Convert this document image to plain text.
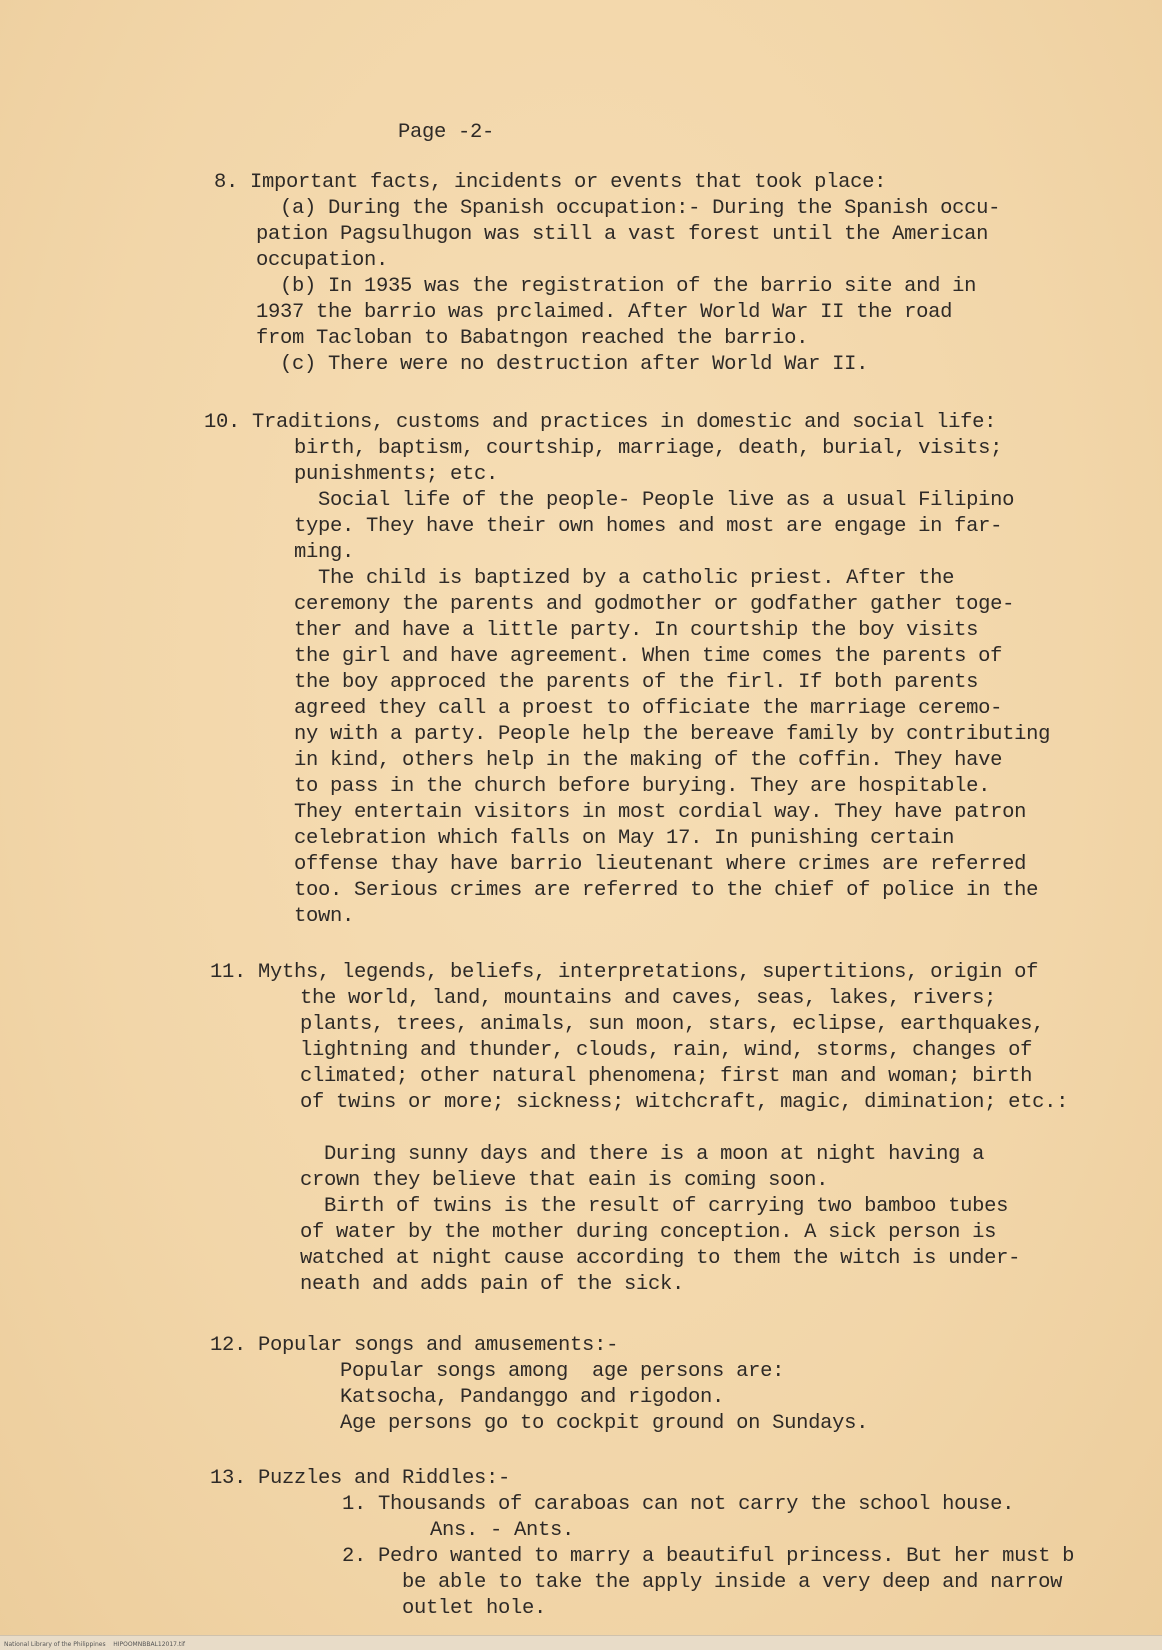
Page -2-
8. Important facts, incidents or events that took place:
(a) During the Spanish occupation:- During the Spanish occu-
pation Pagsulhugon was still a vast forest until the American
occupation.
(b) In 1935 was the registration of the barrio site and in
1937 the barrio was prclaimed. After World War II the road
from Tacloban to Babatngon reached the barrio.
(c) There were no destruction after World War II.
10. Traditions, customs and practices in domestic and social life:
birth, baptism, courtship, marriage, death, burial, visits;
punishments; etc.
Social life of the people- People live as a usual Filipino
type. They have their own homes and most are engage in far-
ming.
The child is baptized by a catholic priest. After the
ceremony the parents and godmother or godfather gather toge-
ther and have a little party. In courtship the boy visits
the girl and have agreement. When time comes the parents of
the boy approced the parents of the firl. If both parents
agreed they call a proest to officiate the marriage ceremo-
ny with a party. People help the bereave family by contributing
in kind, others help in the making of the coffin. They have
to pass in the church before burying. They are hospitable.
They entertain visitors in most cordial way. They have patron
celebration which falls on May 17. In punishing certain
offense thay have barrio lieutenant where crimes are referred
too. Serious crimes are referred to the chief of police in the
town.
11. Myths, legends, beliefs, interpretations, supertitions, origin of
the world, land, mountains and caves, seas, lakes, rivers;
plants, trees, animals, sun moon, stars, eclipse, earthquakes,
lightning and thunder, clouds, rain, wind, storms, changes of
climated; other natural phenomena; first man and woman; birth
of twins or more; sickness; witchcraft, magic, dimination; etc.:
During sunny days and there is a moon at night having a
crown they believe that eain is coming soon.
Birth of twins is the result of carrying two bamboo tubes
of water by the mother during conception. A sick person is
watched at night cause according to them the witch is under-
neath and adds pain of the sick.
12. Popular songs and amusements:-
Popular songs among  age persons are:
Katsocha, Pandanggo and rigodon.
Age persons go to cockpit ground on Sundays.
13. Puzzles and Riddles:-
1. Thousands of caraboas can not carry the school house.
Ans. - Ants.
2. Pedro wanted to marry a beautiful princess. But her must b
be able to take the apply inside a very deep and narrow
outlet hole.
National Library of the Philippines    HIPOOMNBBAL12017.tif
